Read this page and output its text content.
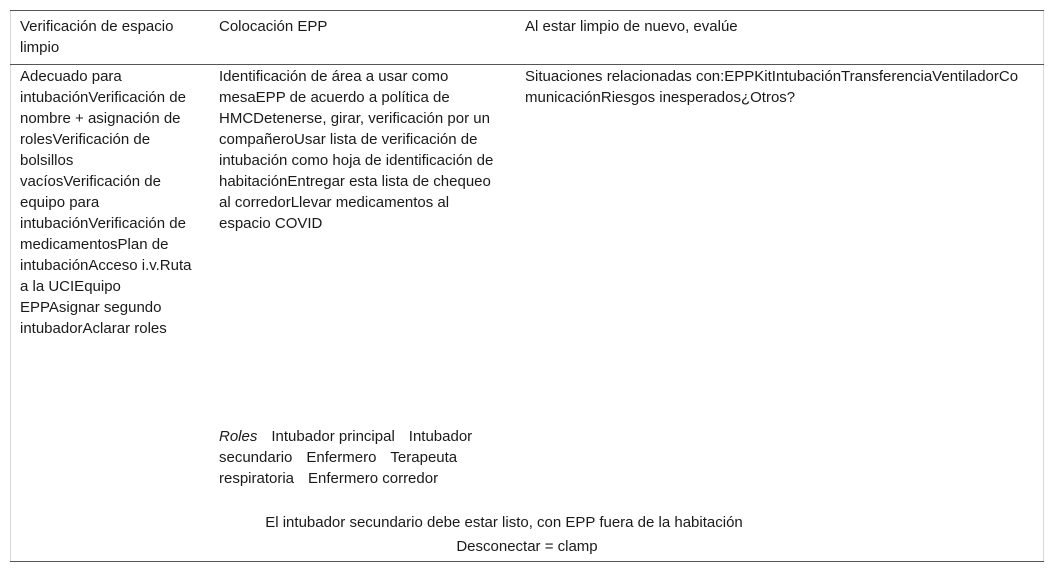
Verificación de espacio limpio
Colocación EPP	Al estar limpio de nuevo, evalúe
Adecuado para intubaciónVerificación de nombre + asignación de rolesVerificación de bolsillos vacíosVerificación de equipo para intubaciónVerificación de medicamentosPlan de intubaciónAcceso i.v.Ruta a la UCIEquipo EPPAsignar segundo intubadorAclarar roles
Identificación de área a usar como mesaEPP de acuerdo a política de HMCDetenerse, girar, verificación por un compañeroUsar lista de verificación de intubación como hoja de identificación de habitaciónEntregar esta lista de chequeo al corredorLlevar medicamentos al espacio COVID
Situaciones relacionadas con:EPPKitIntubaciónTransferenciaVentiladorComunicaciónRiesgos inesperados¿Otros?
Roles Intubador principal Intubador secundario Enfermero Terapeuta respiratoria Enfermero corredor
El intubador secundario debe estar listo, con EPP fuera de la habitación
Desconectar = clamp
